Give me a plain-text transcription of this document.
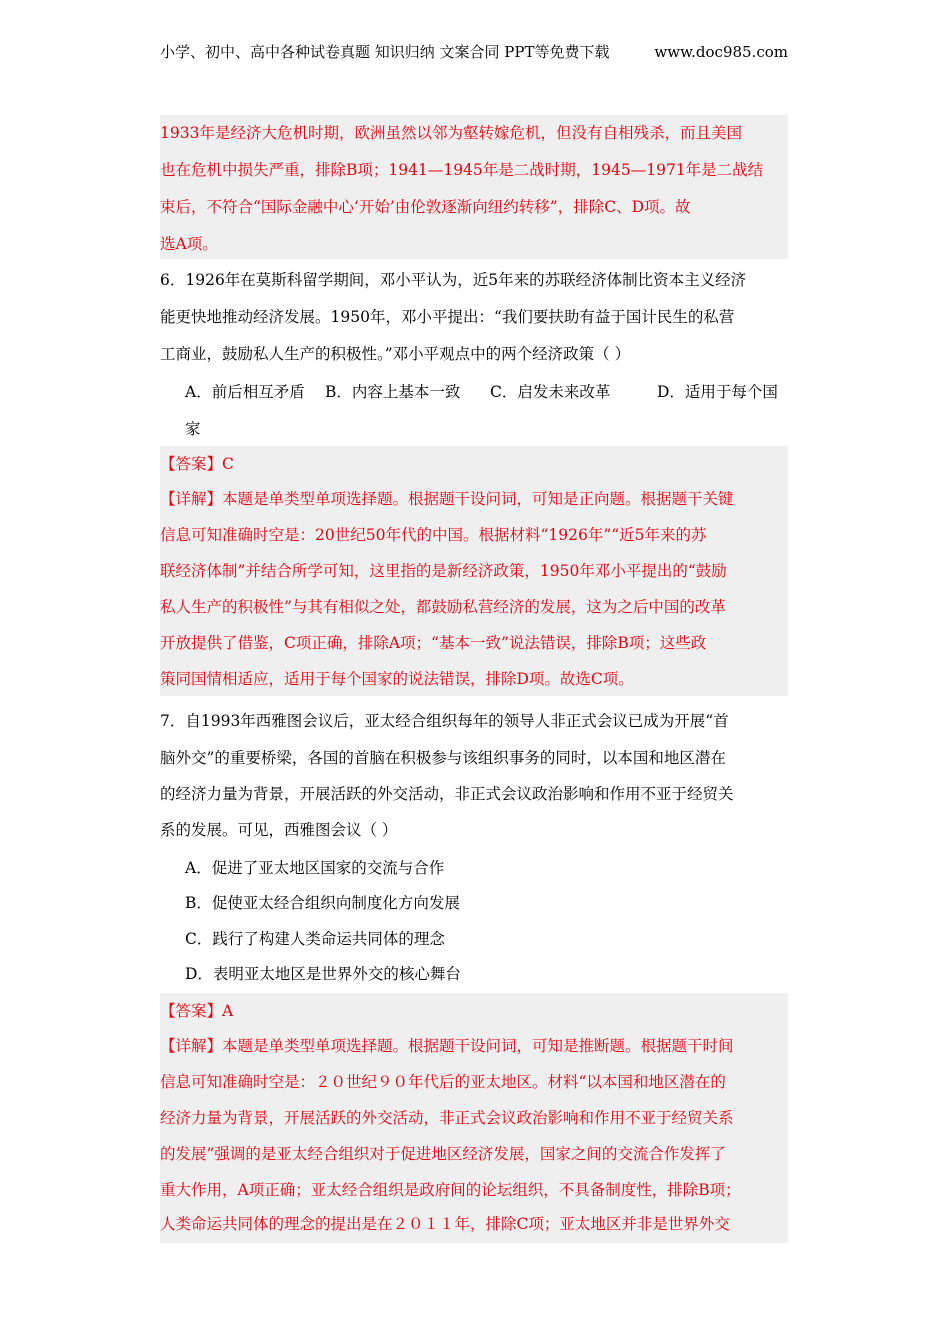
小学、初中、高中各种试卷真题 知识归纳 文案合同 PPT等免费下载	www.doc985.com
1933年是经济大危机时期，欧洲虽然以邻为壑转嫁危机，但没有自相残杀，而且美国
也在危机中损失严重，排除B项；1941—1945年是二战时期，1945—1971年是二战结
束后，不符合“国际金融中心‘开始’由伦敦逐渐向纽约转移”，排除C、D项。故
选A项。
6．1926年在莫斯科留学期间，邓小平认为，近5年来的苏联经济体制比资本主义经济
能更快地推动经济发展。1950年，邓小平提出：“我们要扶助有益于国计民生的私营
工商业，鼓励私人生产的积极性。”邓小平观点中的两个经济政策（ ）
A．前后相互矛盾 B．内容上基本一致 C．启发未来改革	D．适用于每个国
家
【答案】C
【详解】本题是单类型单项选择题。根据题干设问词，可知是正向题。根据题干关键
信息可知准确时空是：20世纪50年代的中国。根据材料“1926年”“近5年来的苏
联经济体制”并结合所学可知，这里指的是新经济政策，1950年邓小平提出的“鼓励
私人生产的积极性”与其有相似之处，都鼓励私营经济的发展，这为之后中国的改革
开放提供了借鉴，C项正确，排除A项；“基本一致”说法错误，排除B项；这些政
策同国情相适应，适用于每个国家的说法错误，排除D项。故选C项。
7．自1993年西雅图会议后，亚太经合组织每年的领导人非正式会议已成为开展“首
脑外交”的重要桥梁，各国的首脑在积极参与该组织事务的同时，以本国和地区潜在
的经济力量为背景，开展活跃的外交活动，非正式会议政治影响和作用不亚于经贸关
系的发展。可见，西雅图会议（ ）
A．促进了亚太地区国家的交流与合作
B．促使亚太经合组织向制度化方向发展
C．践行了构建人类命运共同体的理念
D．表明亚太地区是世界外交的核心舞台
【答案】A
【详解】本题是单类型单项选择题。根据题干设问词，可知是推断题。根据题干时间
信息可知准确时空是：２０世纪９０年代后的亚太地区。材料“以本国和地区潜在的
经济力量为背景，开展活跃的外交活动，非正式会议政治影响和作用不亚于经贸关系
的发展”强调的是亚太经合组织对于促进地区经济发展，国家之间的交流合作发挥了
重大作用，A项正确；亚太经合组织是政府间的论坛组织，不具备制度性，排除B项；
人类命运共同体的理念的提出是在２０１１年，排除C项；亚太地区并非是世界外交
